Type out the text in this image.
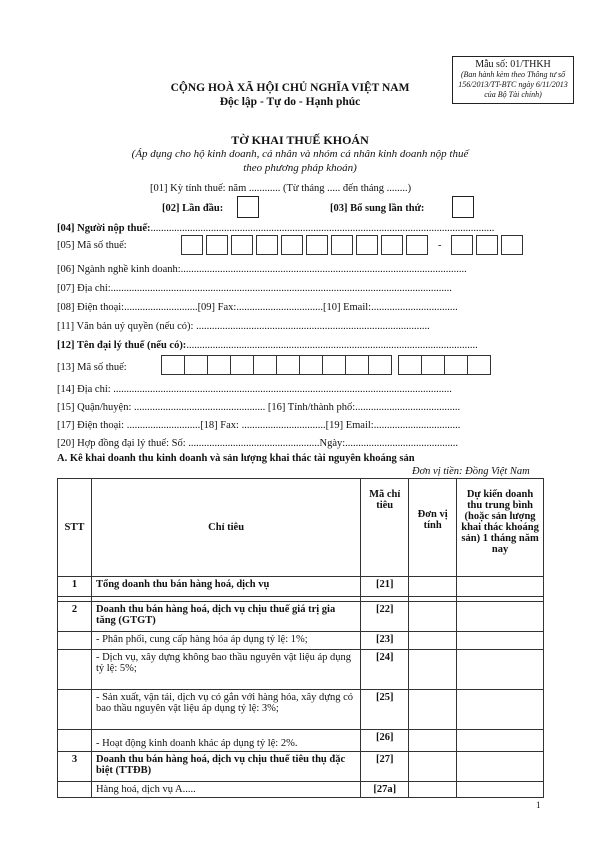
Mẫu số: 01/THKH
(Ban hành kèm theo Thông tư số 156/2013/TT-BTC ngày 6/11/2013 của Bộ Tài chính)
CỘNG HOÀ XÃ HỘI CHỦ NGHĨA VIỆT NAM
Độc lập - Tự do - Hạnh phúc
TỜ KHAI THUẾ KHOÁN
(Áp dụng cho hộ kinh doanh, cá nhân và nhóm cá nhân kinh doanh nộp thuế
theo phương pháp khoán)
[01] Kỳ tính thuế: năm ............ (Từ tháng ..... đến tháng ........)
[02] Lần đầu:	[03] Bổ sung lần thứ:
[04] Người nộp thuế:...................................................................................................................................
[05] Mã số thuế:	-
[06] Ngành nghề kinh doanh:.............................................................................................................
[07] Địa chỉ:..................................................................................................................................
[08] Điện thoại:............................[09] Fax:.................................[10] Email:.................................
[11] Văn bản uỷ quyền (nếu có): .........................................................................................
[12] Tên đại lý thuế (nếu có):...............................................................................................................
[13] Mã số thuế:
[14] Địa chỉ: .................................................................................................................................
[15] Quận/huyện: .................................................. [16] Tỉnh/thành phố:........................................
[17] Điện thoại: ............................[18] Fax: ................................[19] Email:.................................
[20] Hợp đồng đại lý thuế: Số: ..................................................Ngày:...........................................
A. Kê khai doanh thu kinh doanh và sản lượng khai thác tài nguyên khoáng sản
Đơn vị tiền: Đồng Việt Nam
STT	Chỉ tiêu	Mã chỉ tiêu	Đơn vị tính	Dự kiến doanh thu trung bình (hoặc sản lượng khai thác khoáng sản) 1 tháng năm nay
1	Tổng doanh thu bán hàng hoá, dịch vụ	[21]		

2	Doanh thu bán hàng hoá, dịch vụ chịu thuế giá trị gia tăng (GTGT)	[22]		
	- Phân phối, cung cấp hàng hóa áp dụng tỷ lệ: 1%;	[23]		
	- Dịch vụ, xây dựng không bao thầu nguyên vật liệu áp dụng tỷ lệ: 5%;	[24]		
	- Sản xuất, vận tải, dịch vụ có gắn với hàng hóa, xây dựng có bao thầu nguyên vật liệu áp dụng tỷ lệ: 3%;	[25]		
	- Hoạt động kinh doanh khác áp dụng tỷ lệ: 2%.	[26]		
3	Doanh thu bán hàng hoá, dịch vụ chịu thuế tiêu thụ đặc biệt (TTĐB)	[27]		
	Hàng hoá, dịch vụ A.....	[27a]		
1
